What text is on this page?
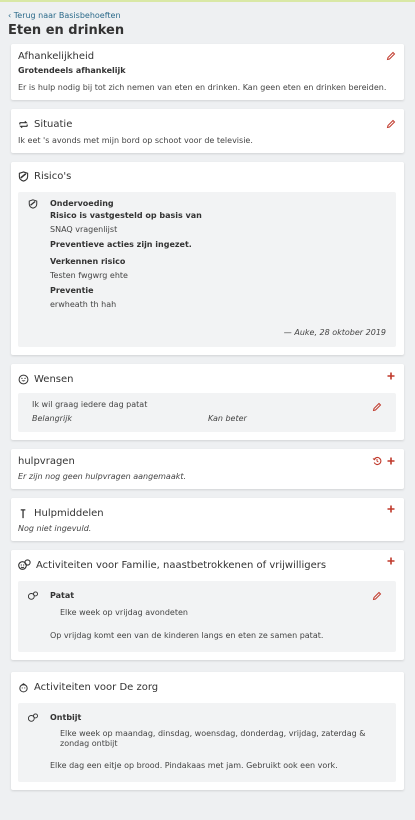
‹ Terug naar Basisbehoeften
Eten en drinken
Afhankelijkheid
Grotendeels afhankelijk
Er is hulp nodig bij tot zich nemen van eten en drinken. Kan geen eten en drinken bereiden.
Situatie
Ik eet 's avonds met mijn bord op schoot voor de televisie.
Risico's
Ondervoeding
Risico is vastgesteld op basis van
SNAQ vragenlijst
Preventieve acties zijn ingezet.
Verkennen risico
Testen fwgwrg ehte
Preventie
erwheath th hah
— Auke, 28 oktober 2019
Wensen
Ik wil graag iedere dag patat
Belangrijk	Kan beter
hulpvragen
Er zijn nog geen hulpvragen aangemaakt.
Hulpmiddelen
Nog niet ingevuld.
Activiteiten voor Familie, naastbetrokkenen of vrijwilligers
Patat
Elke week op vrijdag avondeten
Op vrijdag komt een van de kinderen langs en eten ze samen patat.
Activiteiten voor De zorg
Ontbijt
Elke week op maandag, dinsdag, woensdag, donderdag, vrijdag, zaterdag & zondag ontbijt
Elke dag een eitje op brood. Pindakaas met jam. Gebruikt ook een vork.
